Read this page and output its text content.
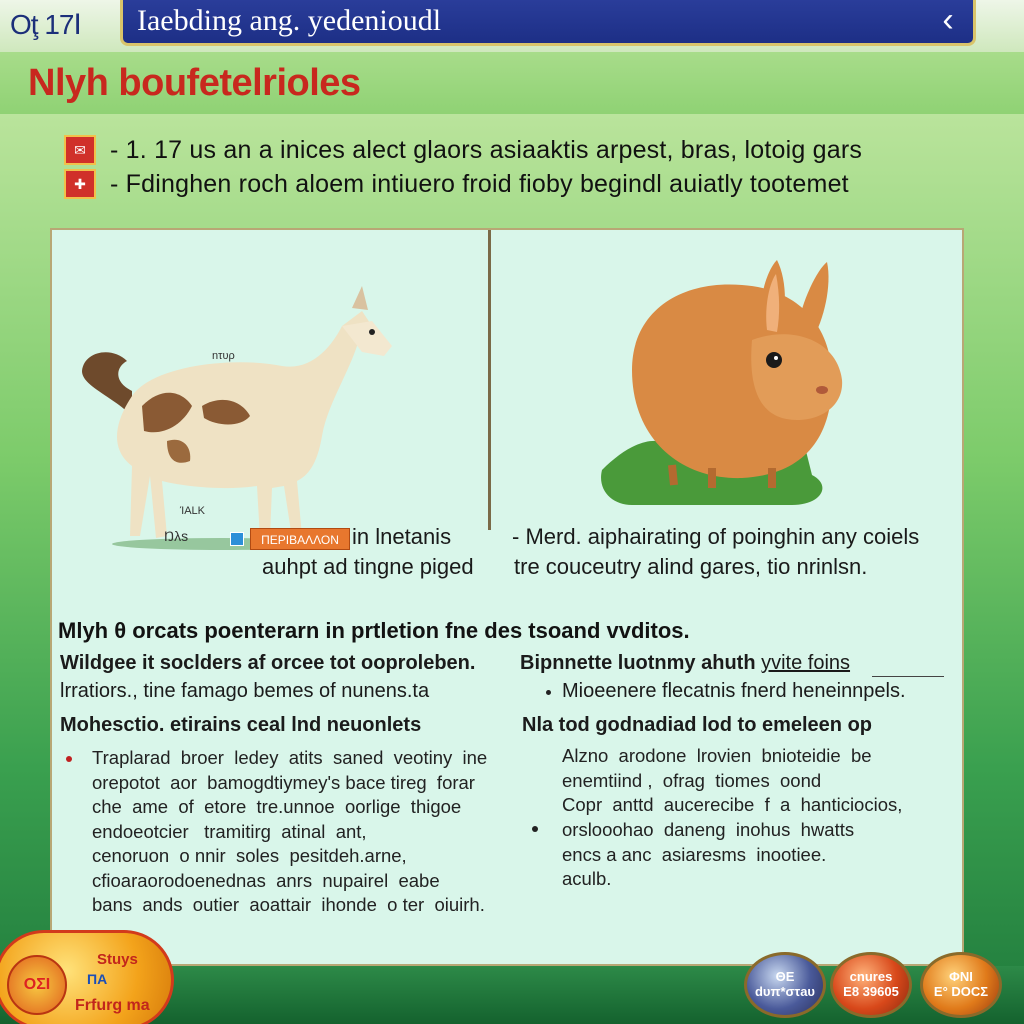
Oţ 17Ⅰ Iaebding ang. yedenioudl	‹
Nlyh boufetelrioles
✉ - 1. 17 us an a inices alect glaors asiaaktis arpest, bras, lotoig gars
✚ - Fdinghen roch aloem intiuero froid fioby begindl auiatly tootemet
nτυρ
ΊALK
Ŋλs	ΠΕΡΙΒΑΛΛΟΝ in lnetanis
auhpt ad tingne piged
- Merd. aiphairating of poinghin any coiels
tre couceutry alind gares, tio nrinlsn.
Mlyh θ orcats poenterarn in prtletion fne des tsoand vvditos.
Wildgee it soclders af orcee tot ooproleben.
lrratiors., tine famago bemes of nunens.ta
Mohesctio. etirains ceal lnd neuonlets
Traplarad  broer  ledey  atits  saned  veotiny  ine
orepotot  aor  bamogdtiymey's bace tireg  forar
che  ame  of  etore  tre.unnoe  oorlige  thigoe
endoeotcier   tramitirg  atinal  ant,
cenoruon  o nnir  soles  pesitdeh.arne,
cfioaraorodoenednas  anrs  nupairel  eabe
bans  ands  outier  aoattair  ihonde  o ter  oiuirh.
Bipnnette luotnmy ahuth yvite foins
Mioeenere flecatnis fnerd heneinnpels.
Nla tod godnadiad lod to emeleen op
Alzno  arodone  lrovien  bnioteidie  be
enemtiind ,  ofrag  tiomes  oond
Copr  anttd  aucerecibe  f  a  hanticiocios,
orslooohao  daneng  inohus  hwatts
encs a anc  asiaresms  inootiee.
aculb.
ΟΣΙ
Stuys
ΠΑ
Frfurg ma
ΘΕ
dυπ*στaυ
cnures
E8 39605
ΦΝΙ
E° DOCΣ
